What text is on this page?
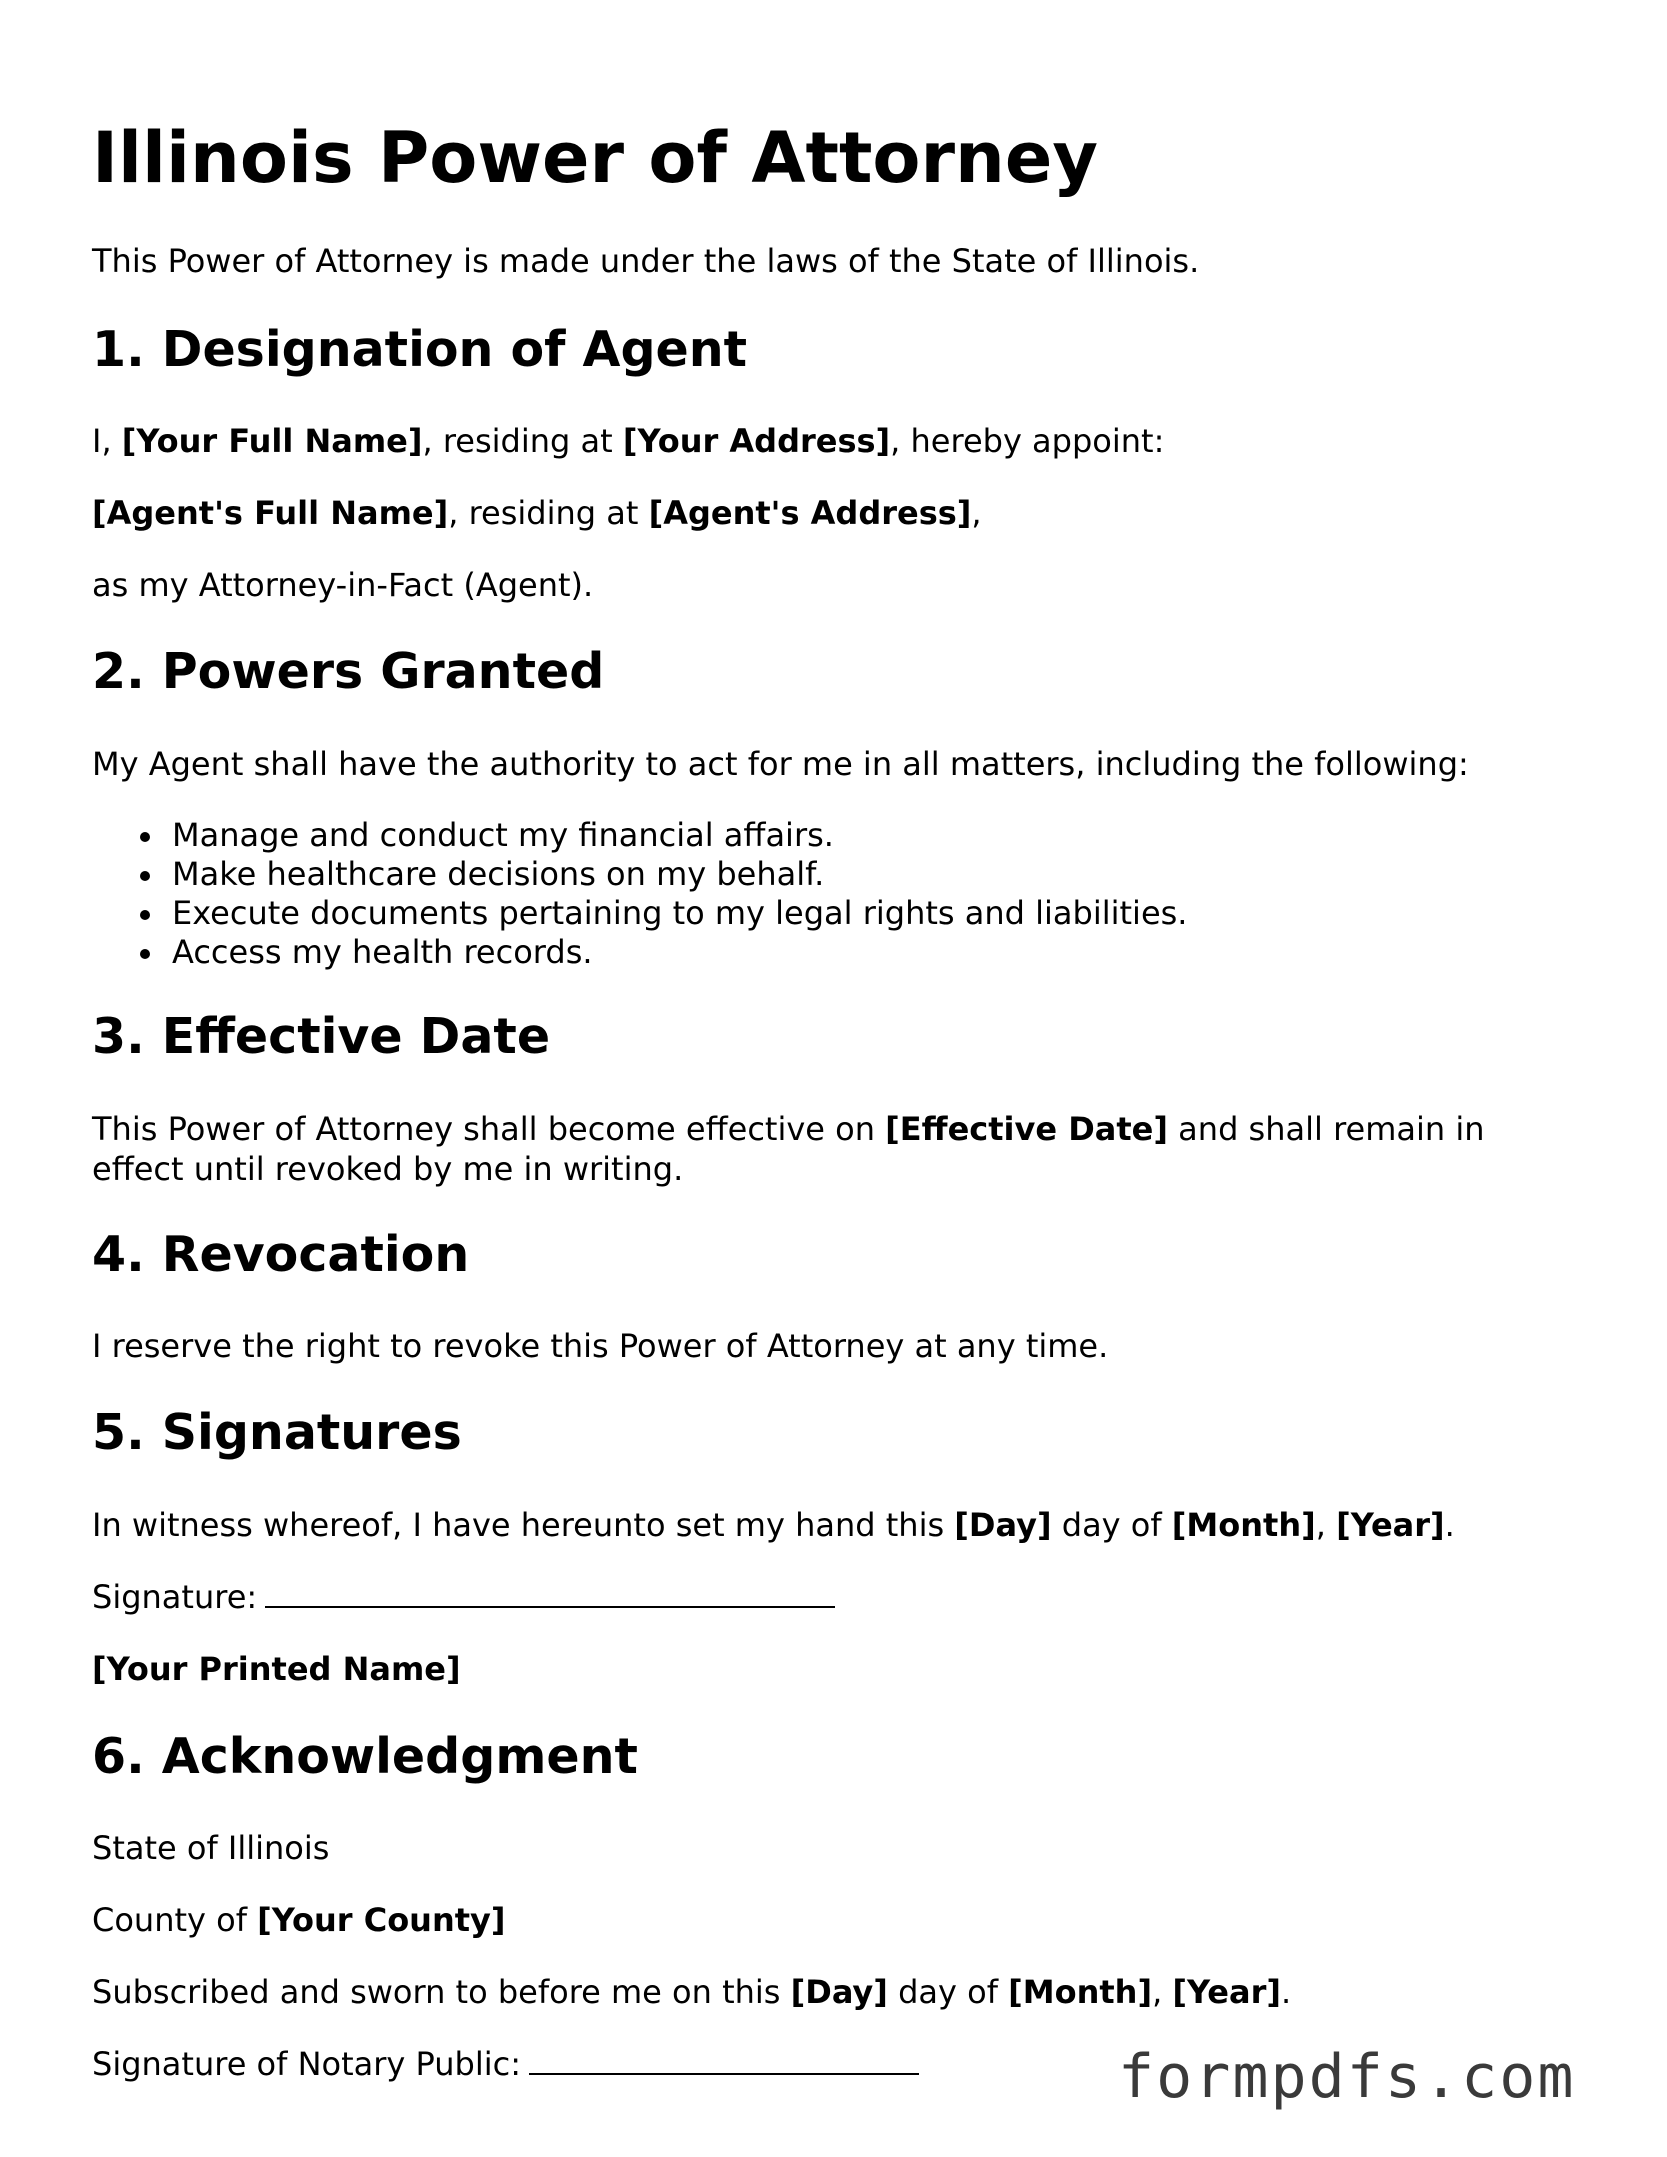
Illinois Power of Attorney

This Power of Attorney is made under the laws of the State of Illinois.

1. Designation of Agent

I, [Your Full Name], residing at [Your Address], hereby appoint:

[Agent's Full Name], residing at [Agent's Address],

as my Attorney-in-Fact (Agent).

2. Powers Granted

My Agent shall have the authority to act for me in all matters, including the following:

Manage and conduct my financial affairs.
Make healthcare decisions on my behalf.
Execute documents pertaining to my legal rights and liabilities.
Access my health records.
3. Effective Date

This Power of Attorney shall become effective on [Effective Date] and shall remain in effect until revoked by me in writing.

4. Revocation

I reserve the right to revoke this Power of Attorney at any time.

5. Signatures

In witness whereof, I have hereunto set my hand this [Day] day of [Month], [Year].

Signature:

[Your Printed Name]

6. Acknowledgment

State of Illinois

County of [Your County]

Subscribed and sworn to before me on this [Day] day of [Month], [Year].

Signature of Notary Public:	formpdfs.com
